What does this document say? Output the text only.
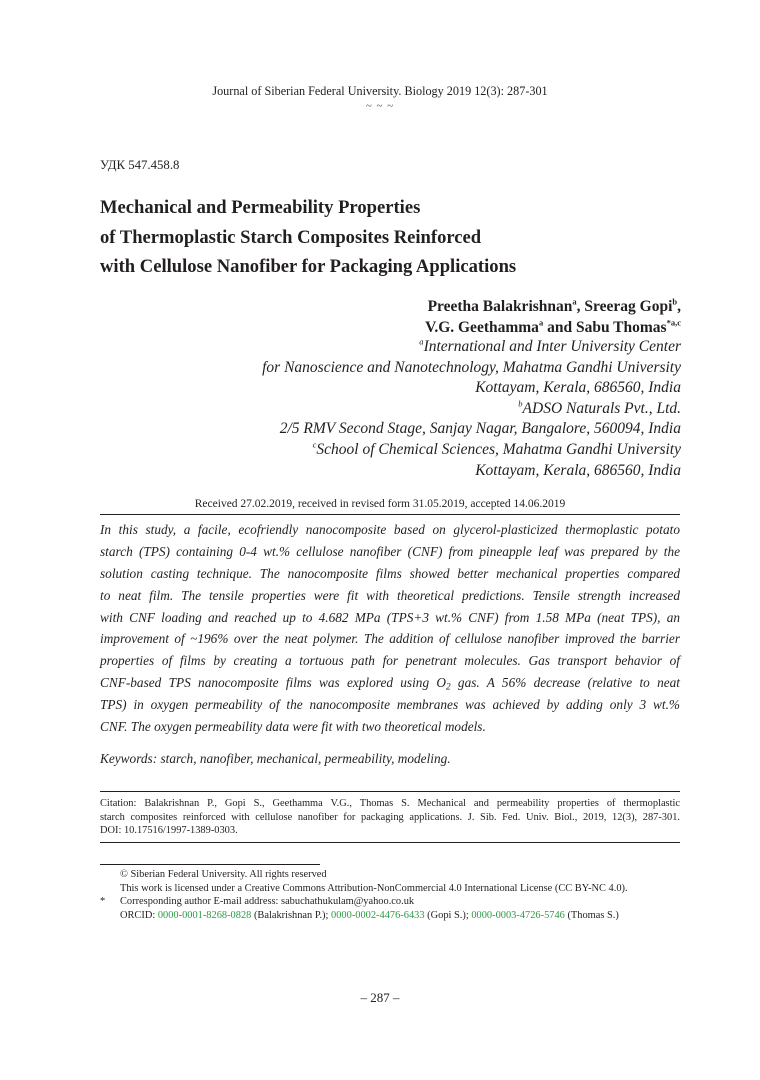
Journal of Siberian Federal University. Biology 2019 12(3): 287-301
~ ~ ~
УДК 547.458.8
Mechanical and Permeability Properties
of Thermoplastic Starch Composites Reinforced
with Cellulose Nanofiber for Packaging Applications
Preetha Balakrishnan$^a$, Sreerag Gopi$^b$,
V.G. Geethamma$^a$ and Sabu Thomas$^{*a,c}$
$^a$International and Inter University Center
for Nanoscience and Nanotechnology, Mahatma Gandhi University
Kottayam, Kerala, 686560, India
$^b$ADSO Naturals Pvt., Ltd.
2/5 RMV Second Stage, Sanjay Nagar, Bangalore, 560094, India
$^c$School of Chemical Sciences, Mahatma Gandhi University
Kottayam, Kerala, 686560, India
Received 27.02.2019, received in revised form 31.05.2019, accepted 14.06.2019
In this study, a facile, ecofriendly nanocomposite based on glycerol-plasticized thermoplastic potato
starch (TPS) containing 0-4 wt.% cellulose nanofiber (CNF) from pineapple leaf was prepared by the
solution casting technique. The nanocomposite films showed better mechanical properties compared
to neat film. The tensile properties were fit with theoretical predictions. Tensile strength increased
with CNF loading and reached up to 4.682 MPa (TPS+3 wt.% CNF) from 1.58 MPa (neat TPS), an
improvement of ~196% over the neat polymer. The addition of cellulose nanofiber improved the barrier
properties of films by creating a tortuous path for penetrant molecules. Gas transport behavior of
CNF-based TPS nanocomposite films was explored using $O_2$ gas. A 56% decrease (relative to neat
TPS) in oxygen permeability of the nanocomposite membranes was achieved by adding only 3 wt.%
CNF. The oxygen permeability data were fit with two theoretical models.
Keywords: starch, nanofiber, mechanical, permeability, modeling.
Citation: Balakrishnan P., Gopi S., Geethamma V.G., Thomas S. Mechanical and permeability properties of thermoplastic
starch composites reinforced with cellulose nanofiber for packaging applications. J. Sib. Fed. Univ. Biol., 2019, 12(3), 287-301.
DOI: 10.17516/1997-1389-0303.
© Siberian Federal University. All rights reserved
This work is licensed under a Creative Commons Attribution-NonCommercial 4.0 International License (CC BY-NC 4.0).
*	Corresponding author E-mail address: sabuchathukulam@yahoo.co.uk
ORCID: 0000-0001-8268-0828 (Balakrishnan P.); 0000-0002-4476-6433 (Gopi S.); 0000-0003-4726-5746 (Thomas S.)
– 287 –
